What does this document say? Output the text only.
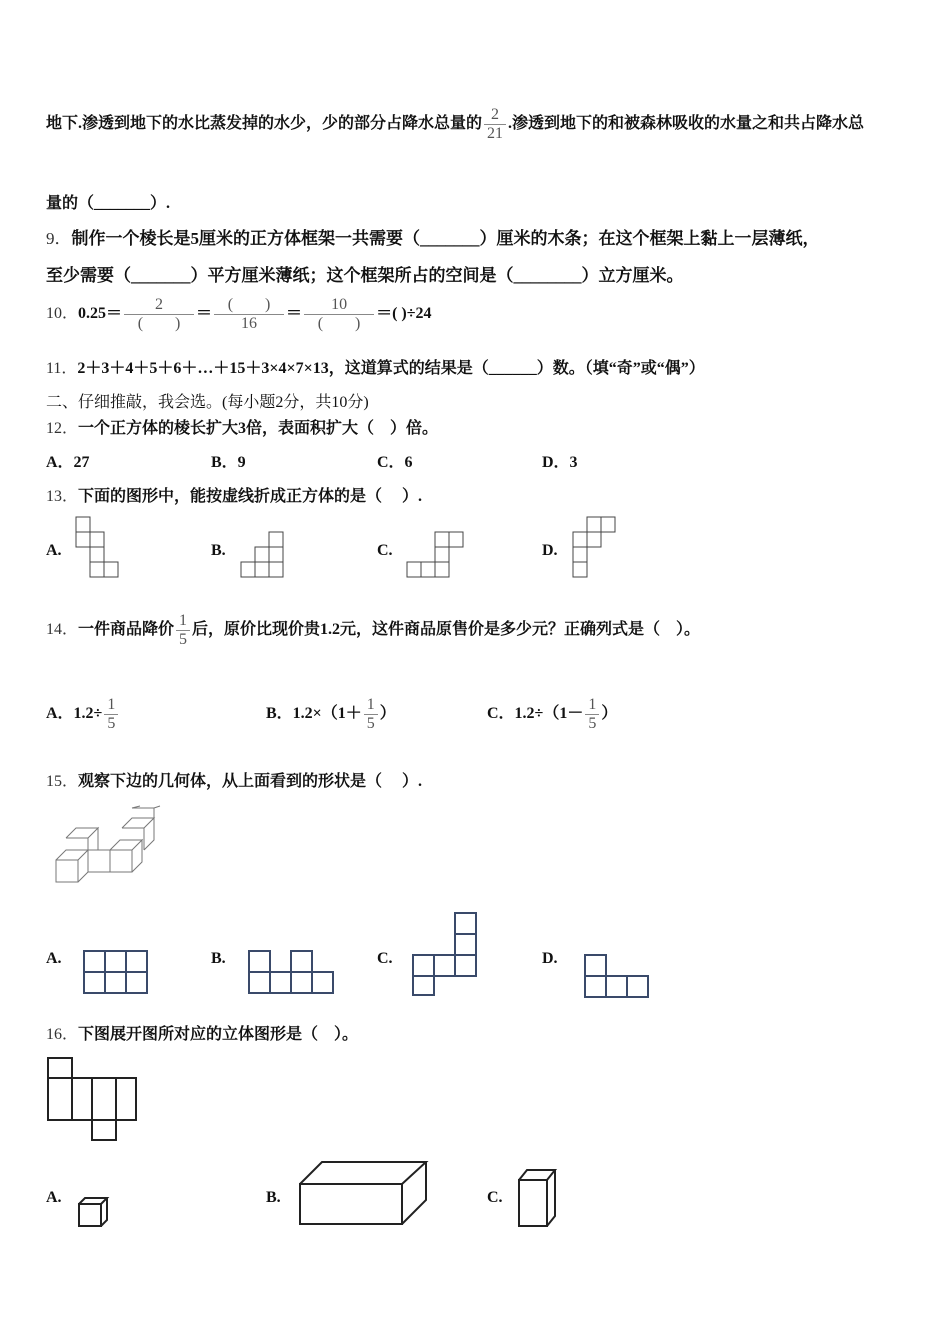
地下.渗透到地下的水比蒸发掉的水少，少的部分占降水总量的 $\frac{2}{21}$ .渗透到地下的和被森林吸收的水量之和共占降水总
量的（_______）.
9．制作一个棱长是5厘米的正方体框架一共需要（_______）厘米的木条；在这个框架上黏上一层薄纸，
至少需要（_______）平方厘米薄纸；这个框架所占的空间是（________）立方厘米。
10．$0.25= \frac{2}{( )} = \frac{( )}{16} = \frac{10}{( )}$ ＝( )÷24
11．2＋3＋4＋5＋6＋…＋15＋3×4×7×13，这道算式的结果是（______）数。（填“奇”或“偶”）
二、仔细推敲，我会选。(每小题2分，共10分)
12．一个正方体的棱长扩大3倍，表面积扩大（　）倍。
A．27	B．9	C．6	D．3
13．下面的图形中，能按虚线折成正方体的是（　 ）.
A.	B.	C.	D.
14．一件商品降价 $\frac{1}{5}$ 后，原价比现价贵1.2元，这件商品原售价是多少元？正确列式是（　）。
A．$1.2\div \frac{1}{5}$	B．$1.2\times(1+ \frac{1}{5}$ ）	C．$1.2\div(1- \frac{1}{5}$ ）
15．观察下边的几何体，从上面看到的形状是（　 ）.
A.	B.	C.	D.
16．下图展开图所对应的立体图形是（　）。
A.	B.	C.
